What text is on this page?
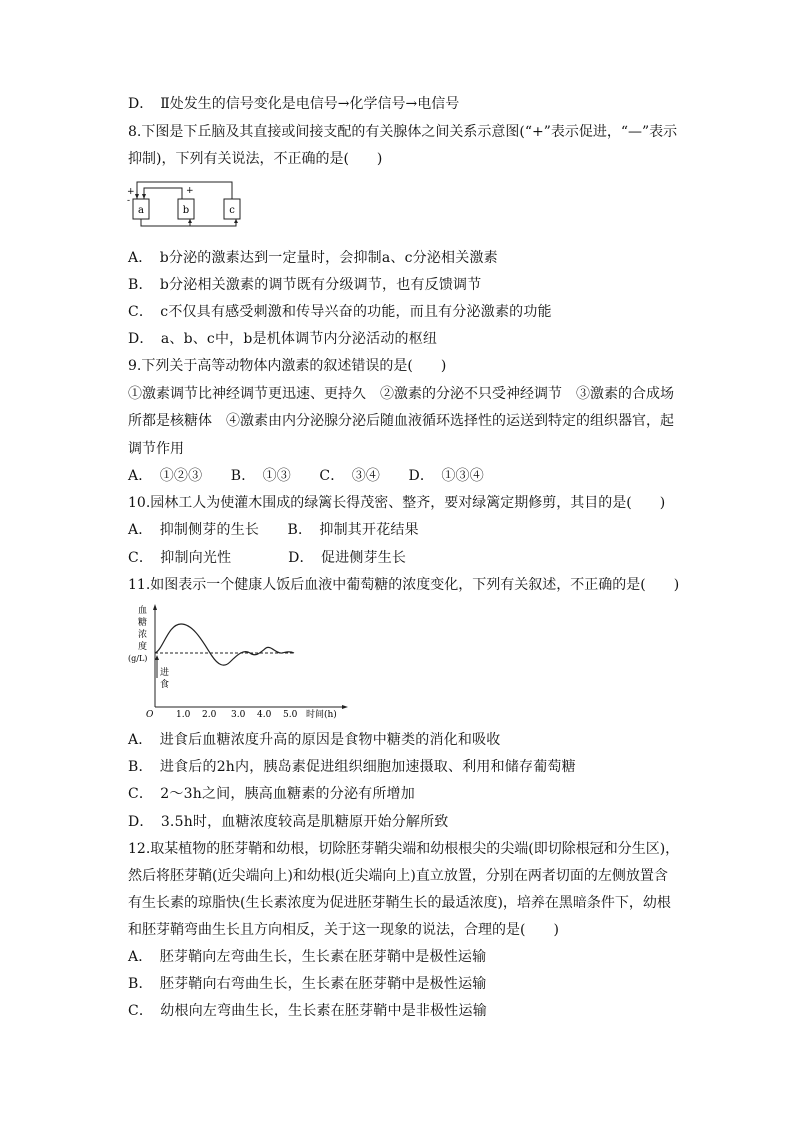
D．　Ⅱ处发生的信号变化是电信号→化学信号→电信号
8.下图是下丘脑及其直接或间接支配的有关腺体之间关系示意图(“+”表示促进，“—”表示
抑制)，下列有关说法，不正确的是(　　)
a	b	c
+
-
+
A．　b分泌的激素达到一定量时，会抑制a、c分泌相关激素
B．　b分泌相关激素的调节既有分级调节，也有反馈调节
C．　c不仅具有感受刺激和传导兴奋的功能，而且有分泌激素的功能
D．　a、b、c中，b是机体调节内分泌活动的枢纽
9.下列关于高等动物体内激素的叙述错误的是(　　)
①激素调节比神经调节更迅速、更持久　②激素的分泌不只受神经调节　③激素的合成场
所都是核糖体　④激素由内分泌腺分泌后随血液循环选择性的运送到特定的组织器官，起
调节作用
A．　①②③　　B．　①③　　C．　③④　　D．　①③④
10.园林工人为使灌木围成的绿篱长得茂密、整齐，要对绿篱定期修剪，其目的是(　　)
A．　抑制侧芽的生长　　B．　抑制其开花结果
C．　抑制向光性　　　　D．　促进侧芽生长
11.如图表示一个健康人饭后血液中葡萄糖的浓度变化，下列有关叙述，不正确的是(　　)
血
糖
浓
度
(g/L)
进
食
O	1.0 2.0 3.0 4.0 5.0 时间(h)
A．　进食后血糖浓度升高的原因是食物中糖类的消化和吸收
B．　进食后的2h内，胰岛素促进组织细胞加速摄取、利用和储存葡萄糖
C．　2～3h之间，胰高血糖素的分泌有所增加
D．　3.5h时，血糖浓度较高是肌糖原开始分解所致
12.取某植物的胚芽鞘和幼根，切除胚芽鞘尖端和幼根根尖的尖端(即切除根冠和分生区)，
然后将胚芽鞘(近尖端向上)和幼根(近尖端向上)直立放置，分别在两者切面的左侧放置含
有生长素的琼脂快(生长素浓度为促进胚芽鞘生长的最适浓度)，培养在黑暗条件下，幼根
和胚芽鞘弯曲生长且方向相反，关于这一现象的说法，合理的是(　　)
A．　胚芽鞘向左弯曲生长，生长素在胚芽鞘中是极性运输
B．　胚芽鞘向右弯曲生长，生长素在胚芽鞘中是极性运输
C．　幼根向左弯曲生长，生长素在胚芽鞘中是非极性运输
